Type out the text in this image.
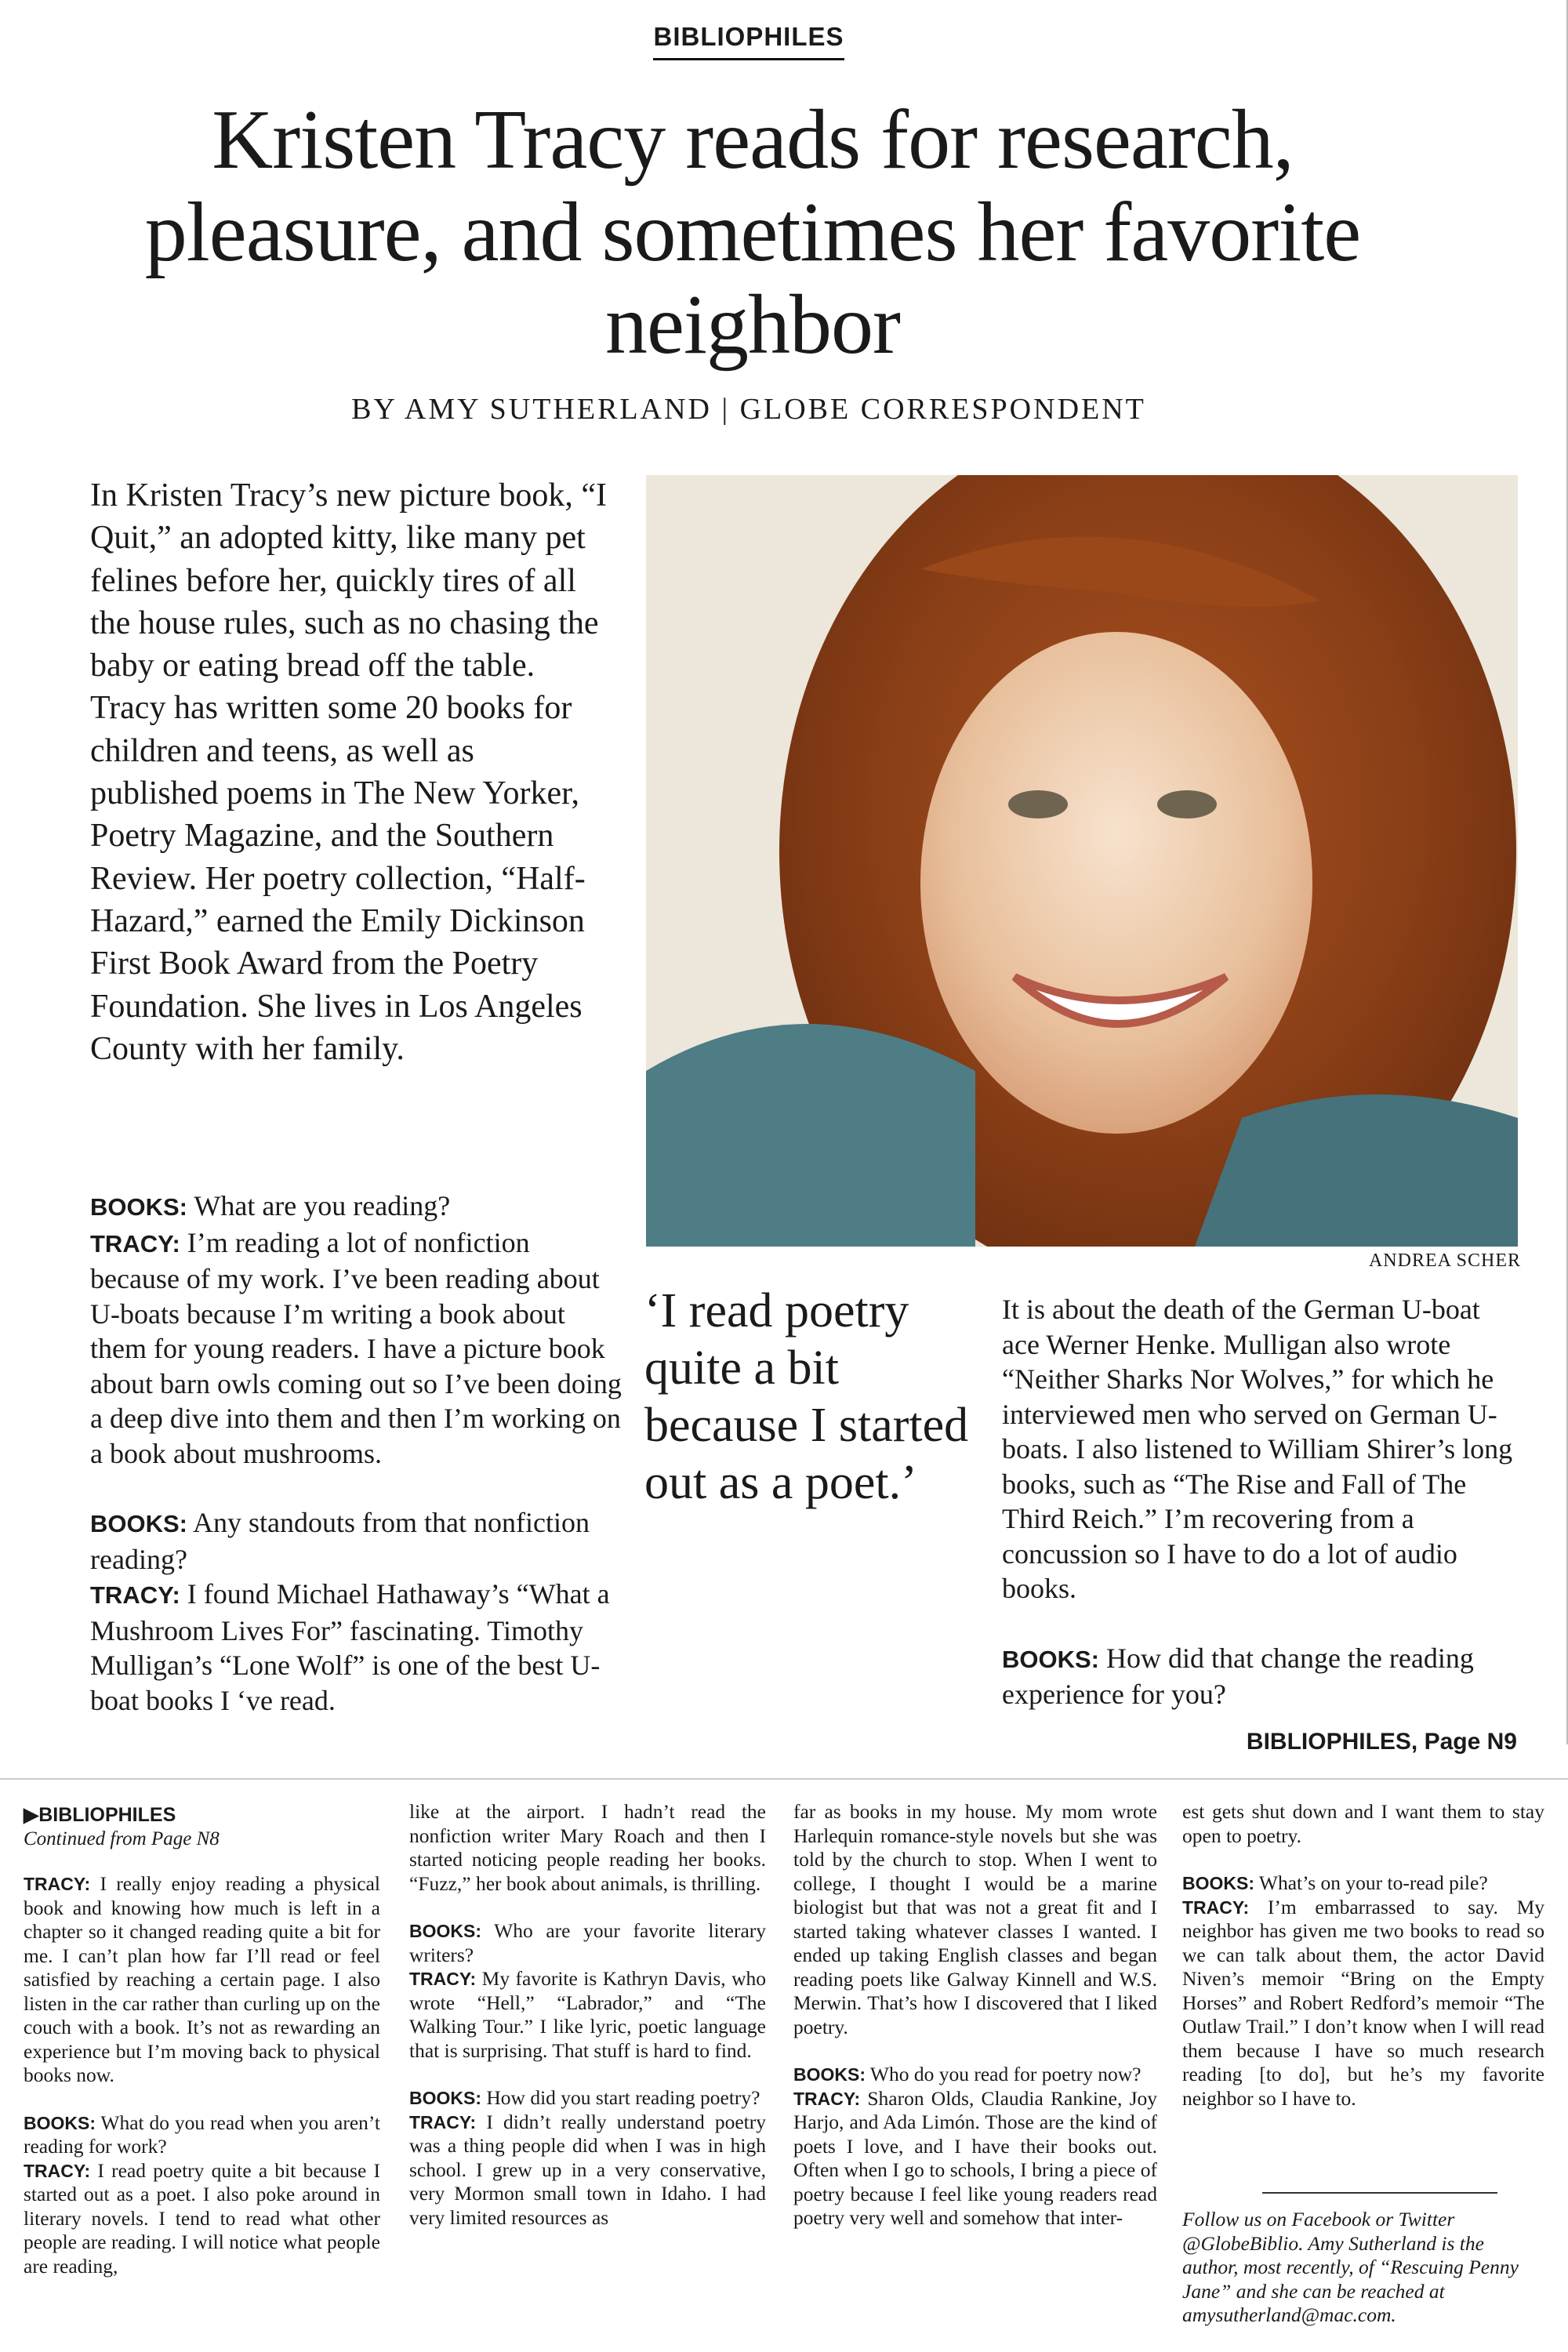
BIBLIOPHILES
Kristen Tracy reads for research, pleasure, and sometimes her favorite neighbor
BY AMY SUTHERLAND | GLOBE CORRESPONDENT

In Kristen Tracy’s new picture book, “I Quit,” an adopted kitty, like many pet felines before her, quickly tires of all the house rules, such as no chasing the baby or eating bread off the table. Tracy has written some 20 books for children and teens, as well as published poems in The New Yorker, Poetry Magazine, and the Southern Review. Her poetry collection, “Half-Hazard,” earned the Emily Dickinson First Book Award from the Poetry Foundation. She lives in Los Angeles County with her family.

ANDREA SCHER

BOOKS: What are you reading?

TRACY: I’m reading a lot of nonfiction because of my work. I’ve been reading about U-boats because I’m writing a book about them for young readers. I have a picture book about barn owls coming out so I’ve been doing a deep dive into them and then I’m working on a book about mushrooms.

BOOKS: Any standouts from that nonfiction reading?

TRACY: I found Michael Hathaway’s “What a Mushroom Lives For” fascinating. Timothy Mulligan’s “Lone Wolf” is one of the best U-boat books I ‘ve read.

‘I read poetry quite a bit because I started out as a poet.’

It is about the death of the German U-boat ace Werner Henke. Mulligan also wrote “Neither Sharks Nor Wolves,” for which he interviewed men who served on German U-boats. I also listened to William Shirer’s long books, such as “The Rise and Fall of The Third Reich.” I’m recovering from a concussion so I have to do a lot of audio books.

BOOKS: How did that change the reading experience for you?

BIBLIOPHILES, Page N9
▶BIBLIOPHILES
Continued from Page N8

TRACY: I really enjoy reading a physical book and knowing how much is left in a chapter so it changed reading quite a bit for me. I can’t plan how far I’ll read or feel satisfied by reaching a certain page. I also listen in the car rather than curling up on the couch with a book. It’s not as rewarding an experience but I’m moving back to physical books now.

BOOKS: What do you read when you aren’t reading for work?

TRACY: I read poetry quite a bit because I started out as a poet. I also poke around in literary novels. I tend to read what other people are reading. I will notice what people are reading,

like at the airport. I hadn’t read the nonfiction writer Mary Roach and then I started noticing people reading her books. “Fuzz,” her book about animals, is thrilling.

BOOKS: Who are your favorite literary writers?

TRACY: My favorite is Kathryn Davis, who wrote “Hell,” “Labrador,” and “The Walking Tour.” I like lyric, poetic language that is surprising. That stuff is hard to find.

BOOKS: How did you start reading poetry?

TRACY: I didn’t really understand poetry was a thing people did when I was in high school. I grew up in a very conservative, very Mormon small town in Idaho. I had very limited resources as

far as books in my house. My mom wrote Harlequin romance-style novels but she was told by the church to stop. When I went to college, I thought I would be a marine biologist but that was not a great fit and I started taking whatever classes I wanted. I ended up taking English classes and began reading poets like Galway Kinnell and W.S. Merwin. That’s how I discovered that I liked poetry.

BOOKS: Who do you read for poetry now?

TRACY: Sharon Olds, Claudia Rankine, Joy Harjo, and Ada Limón. Those are the kind of poets I love, and I have their books out. Often when I go to schools, I bring a piece of poetry because I feel like young readers read poetry very well and somehow that inter-

est gets shut down and I want them to stay open to poetry.

BOOKS: What’s on your to-read pile?

TRACY: I’m embarrassed to say. My neighbor has given me two books to read so we can talk about them, the actor David Niven’s memoir “Bring on the Empty Horses” and Robert Redford’s memoir “The Outlaw Trail.” I don’t know when I will read them because I have so much research reading [to do], but he’s my favorite neighbor so I have to.

Follow us on Facebook or Twitter @GlobeBiblio. Amy Sutherland is the author, most recently, of “Rescuing Penny Jane” and she can be reached at amysutherland@mac.com.
